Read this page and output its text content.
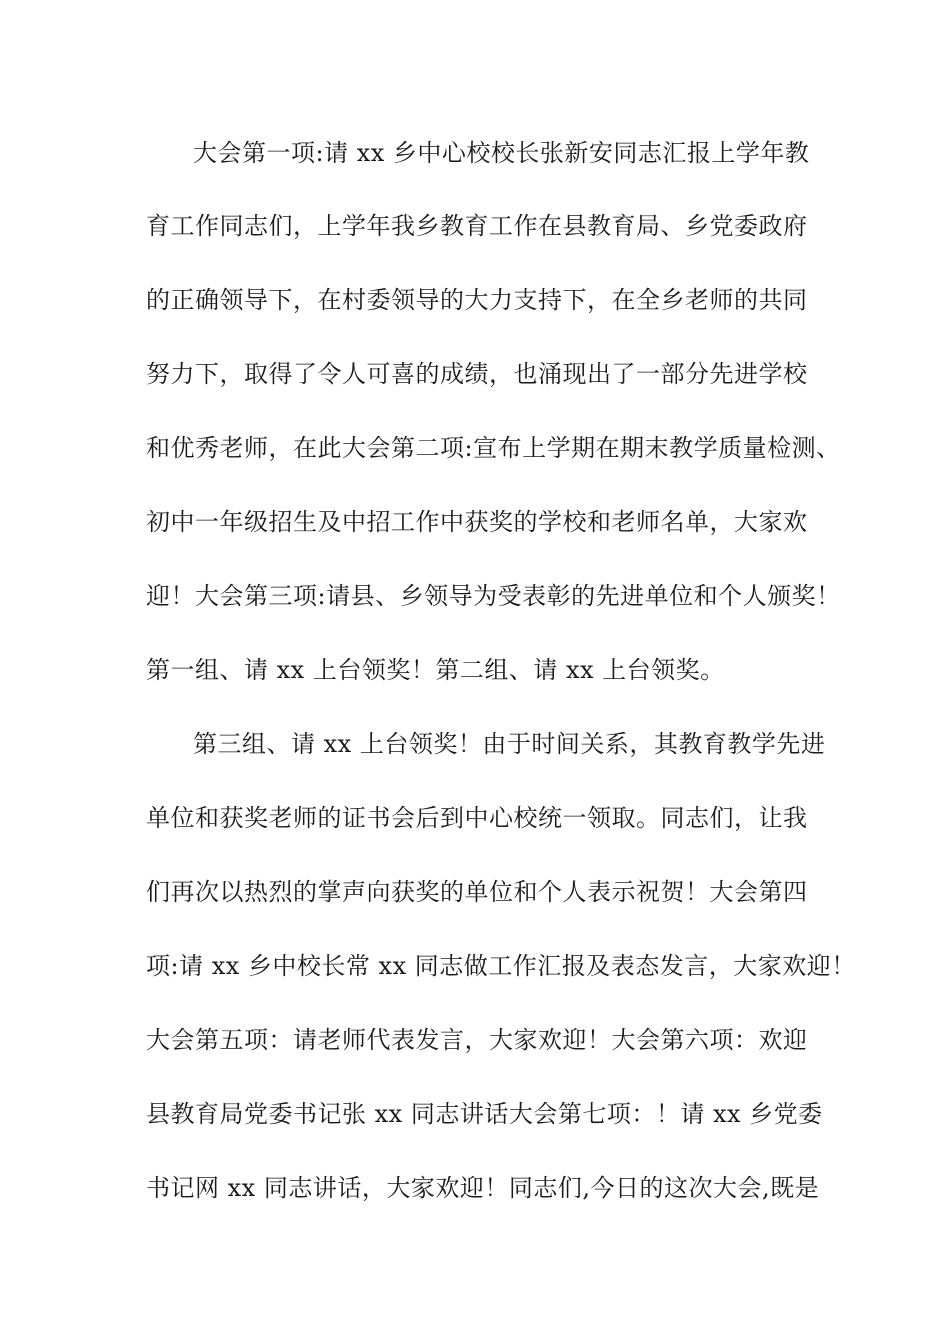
大会第一项:请 xx 乡中心校校长张新安同志汇报上学年教
育工作同志们，上学年我乡教育工作在县教育局、乡党委政府
的正确领导下，在村委领导的大力支持下，在全乡老师的共同
努力下，取得了令人可喜的成绩，也涌现出了一部分先进学校
和优秀老师，在此大会第二项:宣布上学期在期末教学质量检测、
初中一年级招生及中招工作中获奖的学校和老师名单，大家欢
迎！大会第三项:请县、乡领导为受表彰的先进单位和个人颁奖！
第一组、请 xx 上台领奖！第二组、请 xx 上台领奖。
第三组、请 xx 上台领奖！由于时间关系，其教育教学先进
单位和获奖老师的证书会后到中心校统一领取。同志们，让我
们再次以热烈的掌声向获奖的单位和个人表示祝贺！大会第四
项:请 xx 乡中校长常 xx 同志做工作汇报及表态发言，大家欢迎！
大会第五项：请老师代表发言，大家欢迎！大会第六项：欢迎
县教育局党委书记张 xx 同志讲话大会第七项：！请 xx 乡党委
书记网 xx 同志讲话，大家欢迎！同志们,今日的这次大会,既是
